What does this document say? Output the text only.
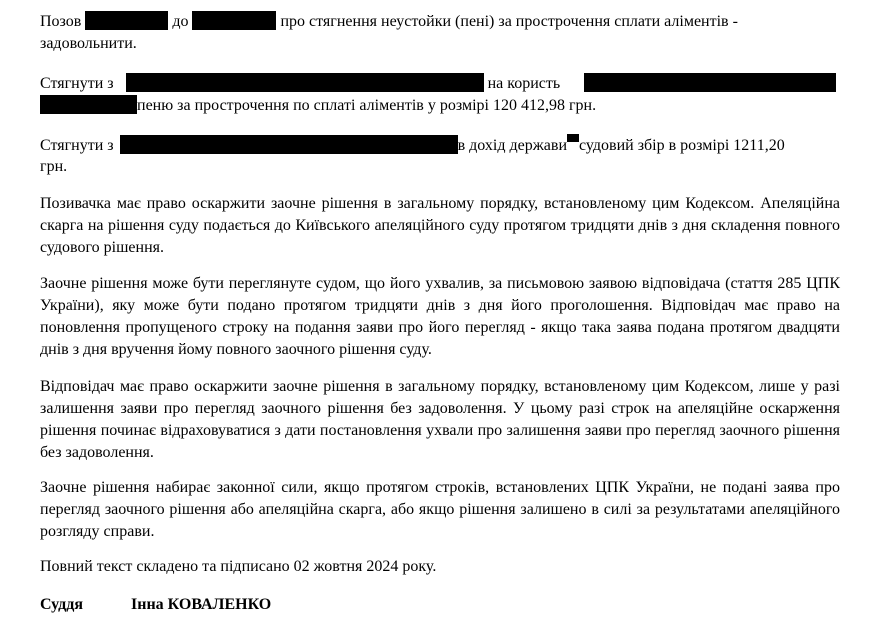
Позов	до	про стягнення неустойки (пені) за прострочення сплати аліментів -
задовольнити.
Стягнути з	на користь
пеню за прострочення по сплаті аліментів у розмірі 120 412,98 грн.
Стягнути з	в дохід держави судовий збір в розмірі 1211,20
грн.

Позивачка має право оскаржити заочне рішення в загальному порядку, встановленому цим Кодексом. Апеляційна скарга на рішення суду подається до Київського апеляційного суду протягом тридцяти днів з дня складення повного судового рішення.

Заочне рішення може бути переглянуте судом, що його ухвалив, за письмовою заявою відповідача (стаття 285 ЦПК України), яку може бути подано протягом тридцяти днів з дня його проголошення. Відповідач має право на поновлення пропущеного строку на подання заяви про його перегляд - якщо така заява подана протягом двадцяти днів з дня вручення йому повного заочного рішення суду.

Відповідач має право оскаржити заочне рішення в загальному порядку, встановленому цим Кодексом, лише у разі залишення заяви про перегляд заочного рішення без задоволення. У цьому разі строк на апеляційне оскарження рішення починає відраховуватися з дати постановлення ухвали про залишення заяви про перегляд заочного рішення без задоволення.

Заочне рішення набирає законної сили, якщо протягом строків, встановлених ЦПК України, не подані заява про перегляд заочного рішення або апеляційна скарга, або якщо рішення залишено в силі за результатами апеляційного розгляду справи.

Повний текст складено та підписано 02 жовтня 2024 року.

Суддя	Інна КОВАЛЕНКО
